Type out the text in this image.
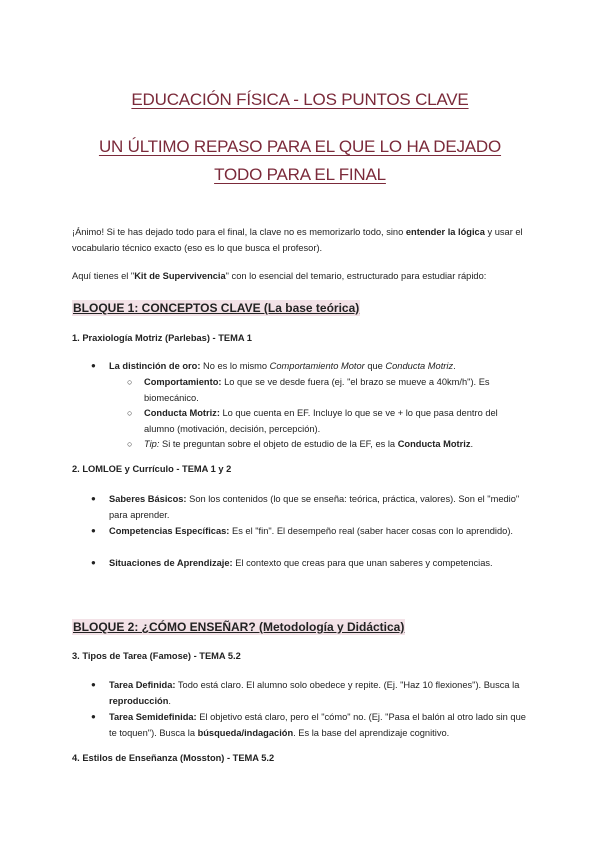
EDUCACIÓN FÍSICA - LOS PUNTOS CLAVE
UN ÚLTIMO REPASO PARA EL QUE LO HA DEJADO
TODO PARA EL FINAL
¡Ánimo! Si te has dejado todo para el final, la clave no es memorizarlo todo, sino entender la lógica y usar el vocabulario técnico exacto (eso es lo que busca el profesor).
Aquí tienes el "Kit de Supervivencia" con lo esencial del temario, estructurado para estudiar rápido:
BLOQUE 1: CONCEPTOS CLAVE (La base teórica)
1. Praxiología Motriz (Parlebas) - TEMA 1
● La distinción de oro: No es lo mismo Comportamiento Motor que Conducta Motriz.
○ Comportamiento: Lo que se ve desde fuera (ej. "el brazo se mueve a 40km/h"). Es biomecánico.
○ Conducta Motriz: Lo que cuenta en EF. Incluye lo que se ve + lo que pasa dentro del alumno (motivación, decisión, percepción).
○ Tip: Si te preguntan sobre el objeto de estudio de la EF, es la Conducta Motriz.
2. LOMLOE y Currículo - TEMA 1 y 2
● Saberes Básicos: Son los contenidos (lo que se enseña: teórica, práctica, valores). Son el "medio" para aprender.
● Competencias Específicas: Es el "fin". El desempeño real (saber hacer cosas con lo aprendido).
● Situaciones de Aprendizaje: El contexto que creas para que unan saberes y competencias.
BLOQUE 2: ¿CÓMO ENSEÑAR? (Metodología y Didáctica)
3. Tipos de Tarea (Famose) - TEMA 5.2
● Tarea Definida: Todo está claro. El alumno solo obedece y repite. (Ej. "Haz 10 flexiones"). Busca la reproducción.
● Tarea Semidefinida: El objetivo está claro, pero el "cómo" no. (Ej. "Pasa el balón al otro lado sin que te toquen"). Busca la búsqueda/indagación. Es la base del aprendizaje cognitivo.
4. Estilos de Enseñanza (Mosston) - TEMA 5.2
